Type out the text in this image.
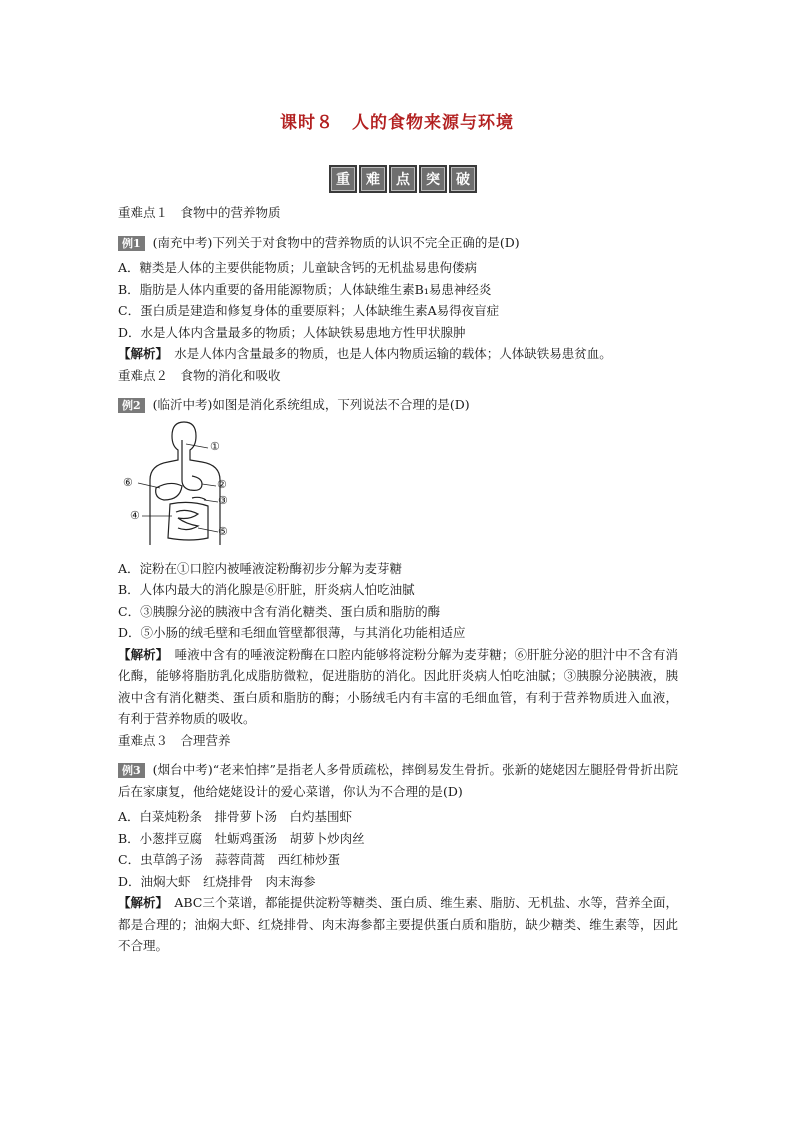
课时８　人的食物来源与环境
重	难	点	突	破
重难点１　食物中的营养物质
例1 (南充中考)下列关于对食物中的营养物质的认识不完全正确的是(D)
A．糖类是人体的主要供能物质；儿童缺含钙的无机盐易患佝偻病
B．脂肪是人体内重要的备用能源物质；人体缺维生素B₁易患神经炎
C．蛋白质是建造和修复身体的重要原料；人体缺维生素A易得夜盲症
D．水是人体内含量最多的物质；人体缺铁易患地方性甲状腺肿
【解析】　水是人体内含量最多的物质，也是人体内物质运输的载体；人体缺铁易患贫血。
重难点２　食物的消化和吸收
例2 (临沂中考)如图是消化系统组成，下列说法不合理的是(D)
①
②
③
④
⑤
⑥
A．淀粉在①口腔内被唾液淀粉酶初步分解为麦芽糖
B．人体内最大的消化腺是⑥肝脏，肝炎病人怕吃油腻
C．③胰腺分泌的胰液中含有消化糖类、蛋白质和脂肪的酶
D．⑤小肠的绒毛壁和毛细血管壁都很薄，与其消化功能相适应
【解析】　唾液中含有的唾液淀粉酶在口腔内能够将淀粉分解为麦芽糖；⑥肝脏分泌的胆汁中不含有消化酶，能够将脂肪乳化成脂肪微粒，促进脂肪的消化。因此肝炎病人怕吃油腻；③胰腺分泌胰液，胰液中含有消化糖类、蛋白质和脂肪的酶；小肠绒毛内有丰富的毛细血管，有利于营养物质进入血液，有利于营养物质的吸收。
重难点３　合理营养
例3 (烟台中考)“老来怕摔”是指老人多骨质疏松，摔倒易发生骨折。张新的姥姥因左腿胫骨骨折出院后在家康复，他给姥姥设计的爱心菜谱，你认为不合理的是(D)
A．白菜炖粉条　排骨萝卜汤　白灼基围虾
B．小葱拌豆腐　牡蛎鸡蛋汤　胡萝卜炒肉丝
C．虫草鸽子汤　蒜蓉茼蒿　西红柿炒蛋
D．油焖大虾　红烧排骨　肉末海参
【解析】　ABC三个菜谱，都能提供淀粉等糖类、蛋白质、维生素、脂肪、无机盐、水等，营养全面，都是合理的；油焖大虾、红烧排骨、肉末海参都主要提供蛋白质和脂肪，缺少糖类、维生素等，因此不合理。
